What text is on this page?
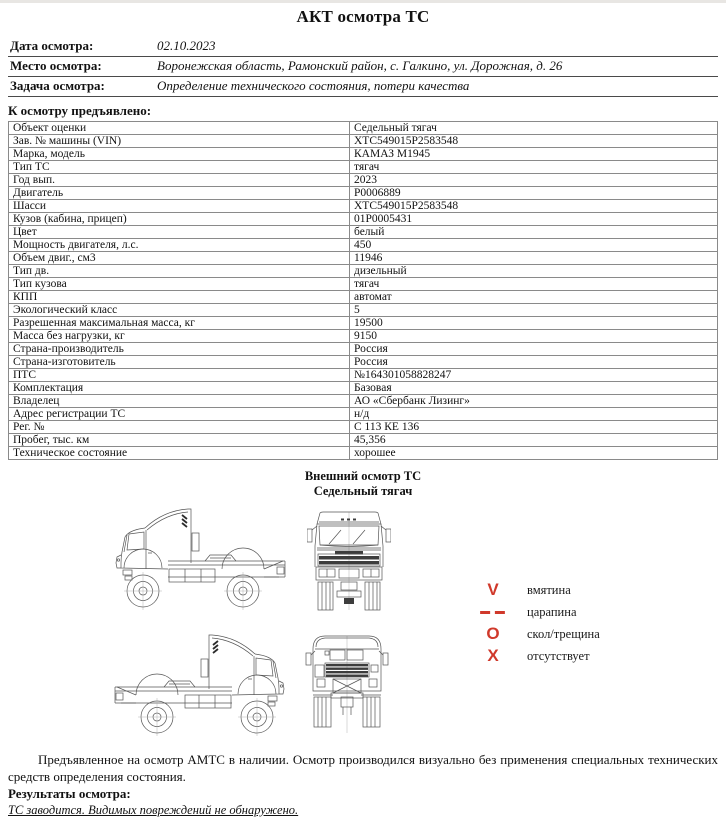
АКТ осмотра ТС
Дата осмотра:	02.10.2023
Место осмотра:	Воронежская область, Рамонский район, с. Галкино, ул. Дорожная, д. 26
Задача осмотра:	Определение технического состояния, потери качества
К осмотру предъявлено:
Объект оценки	Седельный тягач
Зав. № машины (VIN)	XTC549015P2583548
Марка, модель	КАМАЗ М1945
Тип ТС	тягач
Год вып.	2023
Двигатель	P0006889
Шасси	XTC549015P2583548
Кузов (кабина, прицеп)	01P0005431
Цвет	белый
Мощность двигателя, л.с.	450
Объем двиг., см3	11946
Тип дв.	дизельный
Тип кузова	тягач
КПП	автомат
Экологический класс	5
Разрешенная максимальная масса, кг	19500
Масса без нагрузки, кг	9150
Страна-производитель	Россия
Страна-изготовитель	Россия
ПТС	№164301058828247
Комплектация	Базовая
Владелец	АО «Сбербанк Лизинг»
Адрес регистрации ТС	н/д
Рег. №	С 113 КЕ 136
Пробег, тыс. км	45,356
Техническое состояние	хорошее
Внешний осмотр ТС
Седельный тягач
V	вмятина
▬ ▬	царапина
O	скол/трещина
X	отсутствует

Предъявленное на осмотр АМТС в наличии. Осмотр производился визуально без применения специальных технических средств определения состояния.

Результаты осмотра:
ТС заводится. Видимых повреждений не обнаружено.
